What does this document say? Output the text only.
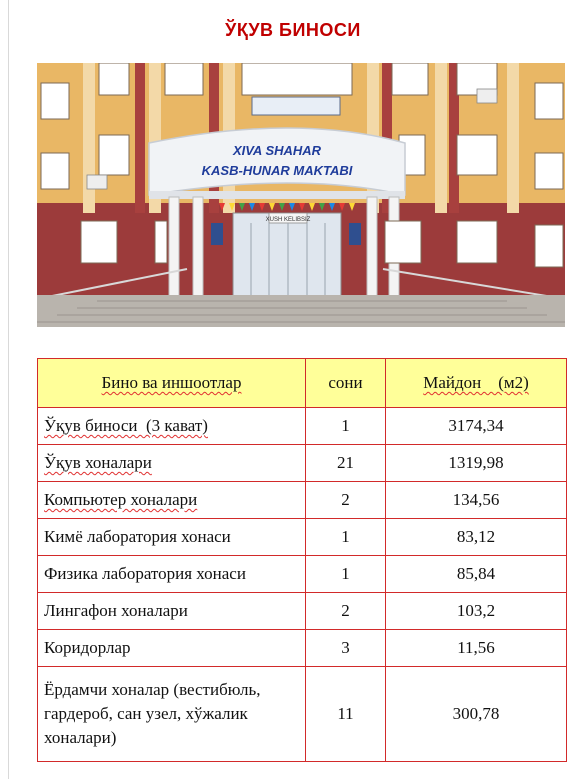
ЎҚУВ БИНОСИ
XIVA SHAHAR
KASB-HUNAR MAKTABI
XUSH KELIBSIZ
Бино ва иншоотлар	сони	Майдон    (м2)
Ўқув биноси  (3 кават)	1	3174,34
Ўқув хоналари	21	1319,98
Компьютер хоналари	2	134,56
Кимё лаборатория хонаси	1	83,12
Физика лаборатория хонаси	1	85,84
Лингафон хоналари	2	103,2
Коридорлар	3	11,56
Ёрдамчи хоналар (вестибюль, гардероб, сан узел, хўжалик хоналари)	11	300,78
